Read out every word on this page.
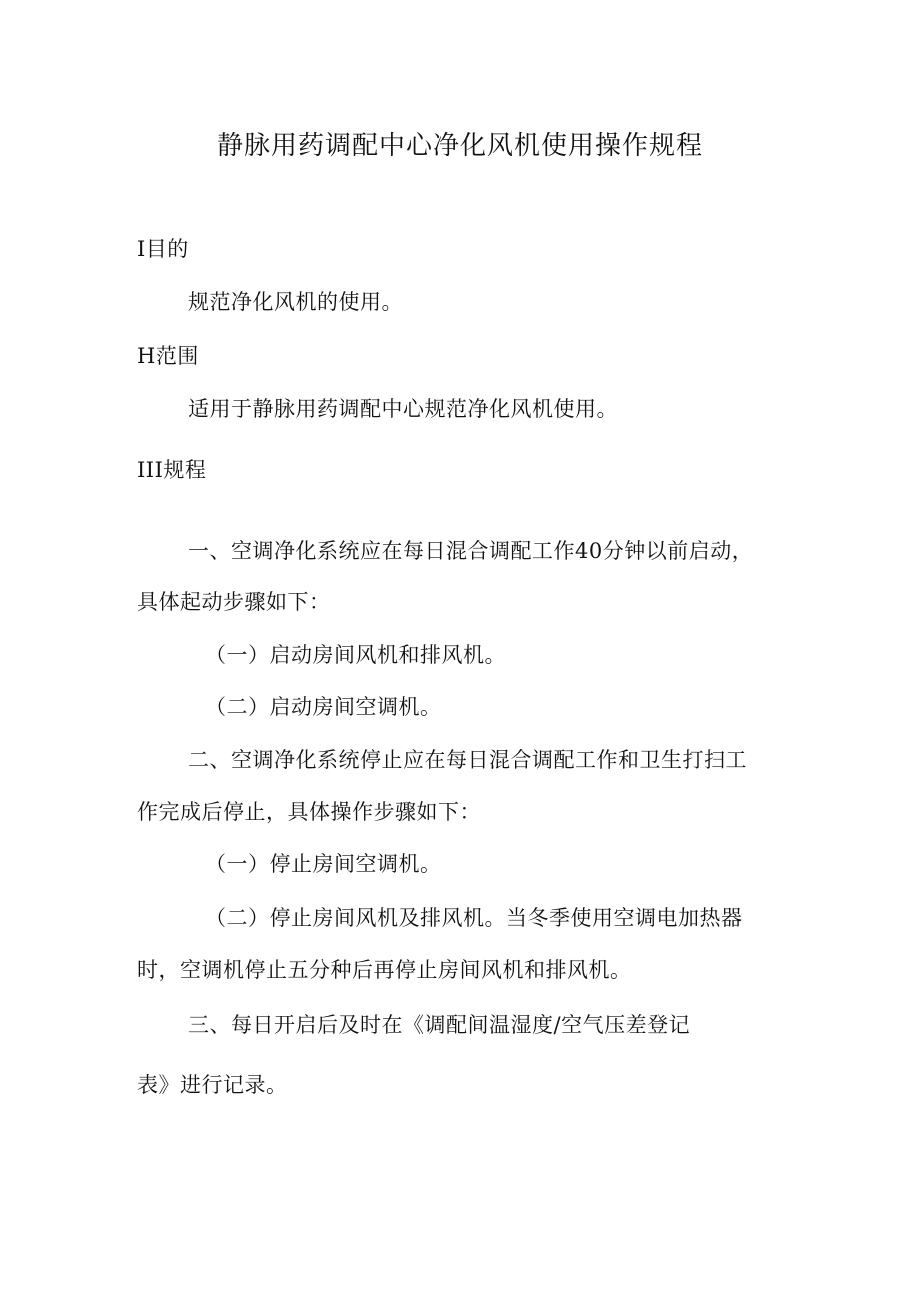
静脉用药调配中心净化风机使用操作规程
I目的
规范净化风机的使用。
H范围
适用于静脉用药调配中心规范净化风机使用。
III规程
一、空调净化系统应在每日混合调配工作40分钟以前启动，
具体起动步骤如下：
（一）启动房间风机和排风机。
（二）启动房间空调机。
二、空调净化系统停止应在每日混合调配工作和卫生打扫工
作完成后停止，具体操作步骤如下：
（一）停止房间空调机。
（二）停止房间风机及排风机。当冬季使用空调电加热器
时，空调机停止五分种后再停止房间风机和排风机。
三、每日开启后及时在《调配间温湿度/空气压差登记
表》进行记录。
